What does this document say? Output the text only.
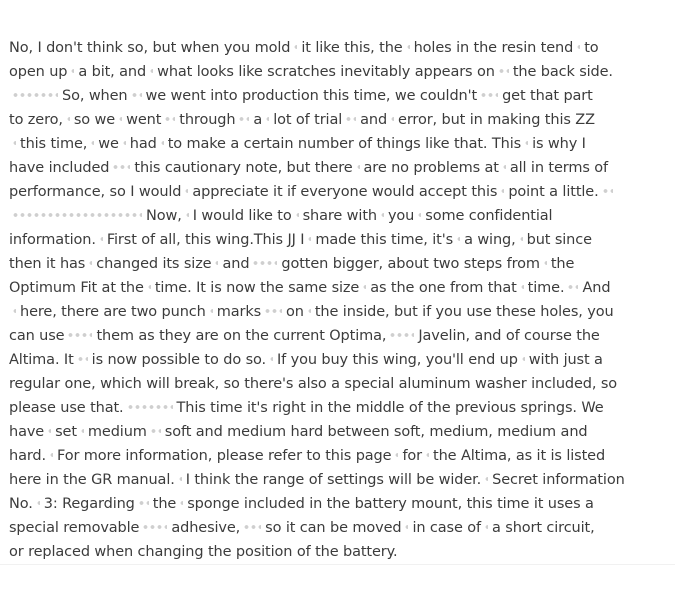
No, I don't think so, but when you mold it like this, the holes in the resin tend to
open up a bit, and what looks like scratches inevitably appears on the back side.
So, when we went into production this time, we couldn't get that part
to zero, so we went through a lot of trial and error, but in making this ZZ
this time, we had to make a certain number of things like that. This is why I
have included this cautionary note, but there are no problems at all in terms of
performance, so I would appreciate it if everyone would accept this point a little.
Now, I would like to share with you some confidential
information. First of all, this wing.This JJ I made this time, it's a wing, but since
then it has changed its size and gotten bigger, about two steps from the
Optimum Fit at the time. It is now the same size as the one from that time. And
here, there are two punch marks on the inside, but if you use these holes, you
can use them as they are on the current Optima, Javelin, and of course the
Altima. It is now possible to do so. If you buy this wing, you'll end up with just a
regular one, which will break, so there's also a special aluminum washer included, so
please use that.	This time it's right in the middle of the previous springs. We
have set medium soft and medium hard between soft, medium, medium and
hard. For more information, please refer to this page for the Altima, as it is listed
here in the GR manual. I think the range of settings will be wider. Secret information
No. 3: Regarding the sponge included in the battery mount, this time it uses a
special removable adhesive, so it can be moved in case of a short circuit,
or replaced when changing the position of the battery.
